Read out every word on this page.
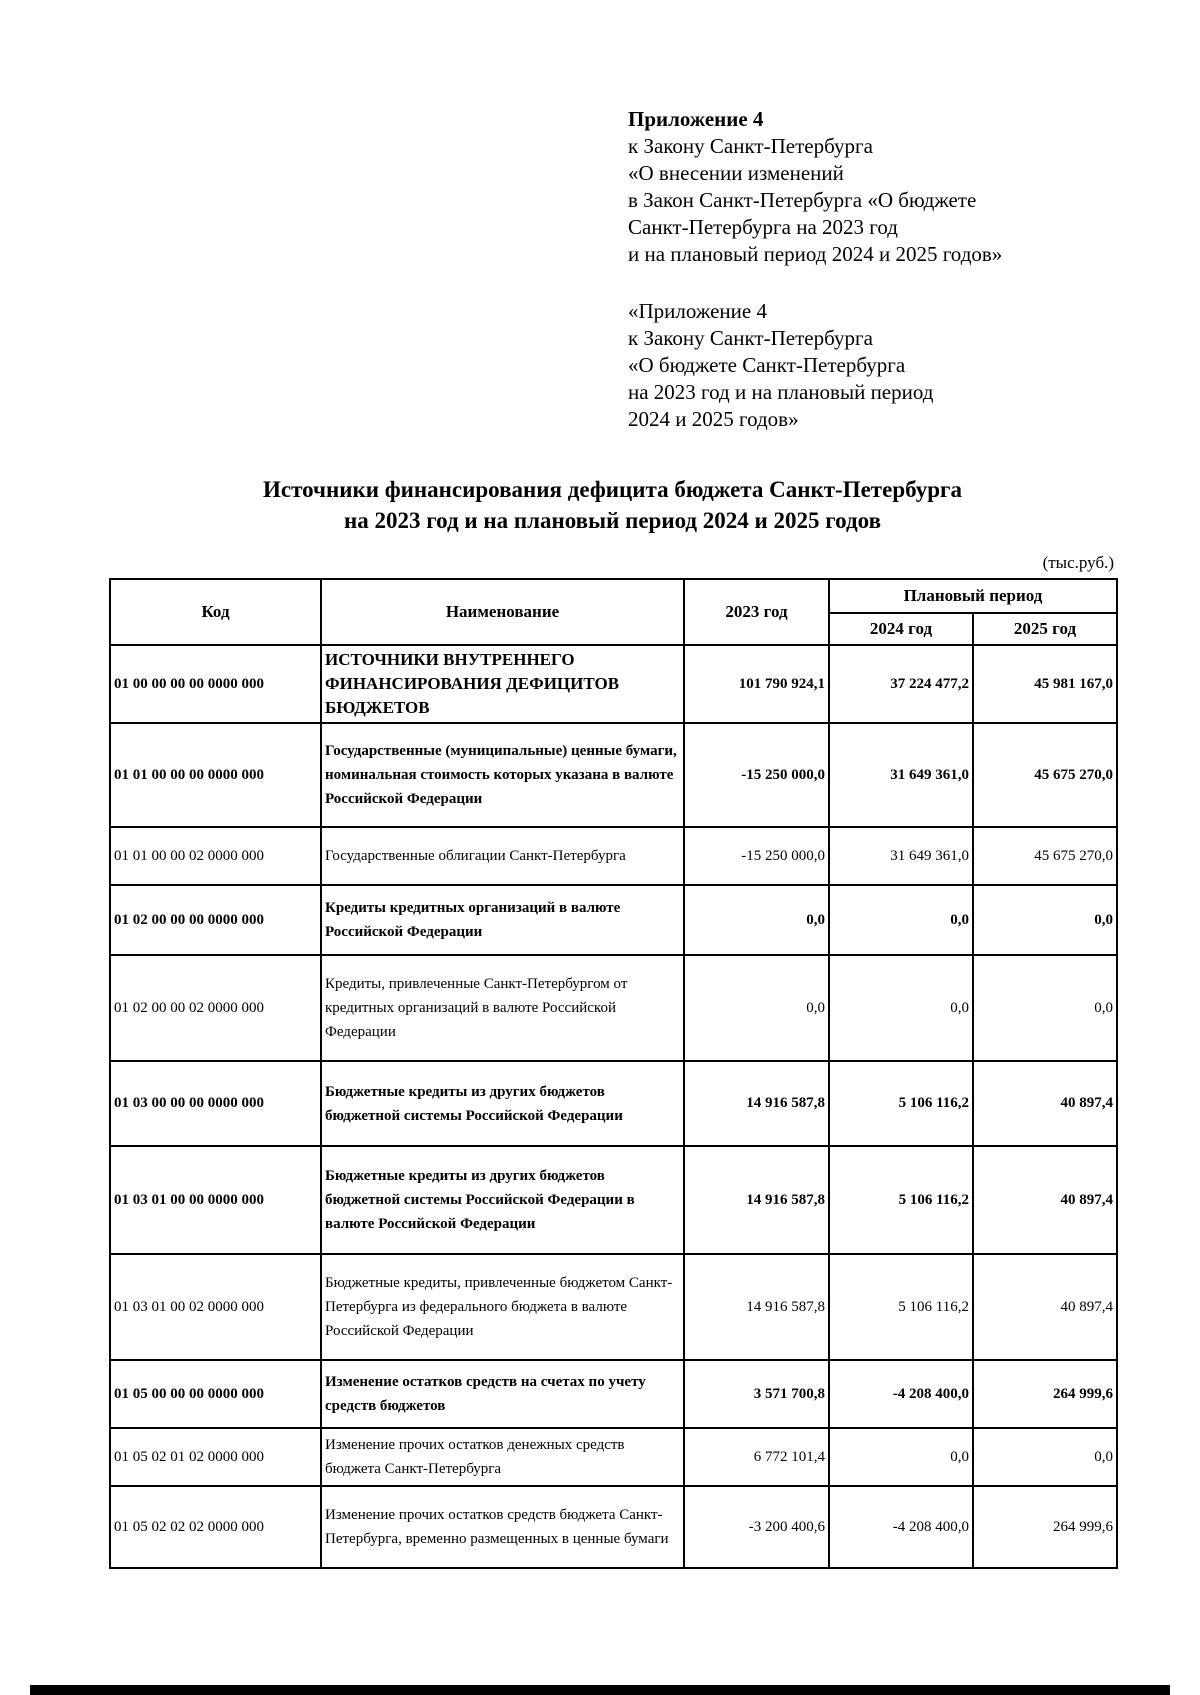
Приложение 4
к Закону Санкт-Петербурга
«О внесении изменений
в Закон Санкт-Петербурга «О бюджете
Санкт-Петербурга на 2023 год
и на плановый период 2024 и 2025 годов»
«Приложение 4
к Закону Санкт-Петербурга
«О бюджете Санкт-Петербурга
на 2023 год и на плановый период
2024 и 2025 годов»
Источники финансирования дефицита бюджета Санкт-Петербурга
на 2023 год и на плановый период 2024 и 2025 годов
(тыс.руб.)
Код	Наименование	2023 год	Плановый период	
			2024 год	2025 год
01 00 00 00 00 0000 000	ИСТОЧНИКИ ВНУТРЕННЕГО ФИНАНСИРОВАНИЯ ДЕФИЦИТОВ БЮДЖЕТОВ	101 790 924,1	37 224 477,2	45 981 167,0
01 01 00 00 00 0000 000	Государственные (муниципальные) ценные бумаги, номинальная стоимость которых указана в валюте Российской Федерации	-15 250 000,0	31 649 361,0	45 675 270,0
01 01 00 00 02 0000 000	Государственные облигации Санкт-Петербурга	-15 250 000,0	31 649 361,0	45 675 270,0
01 02 00 00 00 0000 000	Кредиты кредитных организаций в валюте Российской Федерации	0,0	0,0	0,0
01 02 00 00 02 0000 000	Кредиты, привлеченные Санкт-Петербургом от кредитных организаций в валюте Российской Федерации	0,0	0,0	0,0
01 03 00 00 00 0000 000	Бюджетные кредиты из других бюджетов бюджетной системы Российской Федерации	14 916 587,8	5 106 116,2	40 897,4
01 03 01 00 00 0000 000	Бюджетные кредиты из других бюджетов бюджетной системы Российской Федерации в валюте Российской Федерации	14 916 587,8	5 106 116,2	40 897,4
01 03 01 00 02 0000 000	Бюджетные кредиты, привлеченные бюджетом Санкт-Петербурга из федерального бюджета в валюте Российской Федерации	14 916 587,8	5 106 116,2	40 897,4
01 05 00 00 00 0000 000	Изменение остатков средств на счетах по учету средств бюджетов	3 571 700,8	-4 208 400,0	264 999,6
01 05 02 01 02 0000 000	Изменение прочих остатков денежных средств бюджета Санкт-Петербурга	6 772 101,4	0,0	0,0
01 05 02 02 02 0000 000	Изменение прочих остатков средств бюджета Санкт-Петербурга, временно размещенных в ценные бумаги	-3 200 400,6	-4 208 400,0	264 999,6
